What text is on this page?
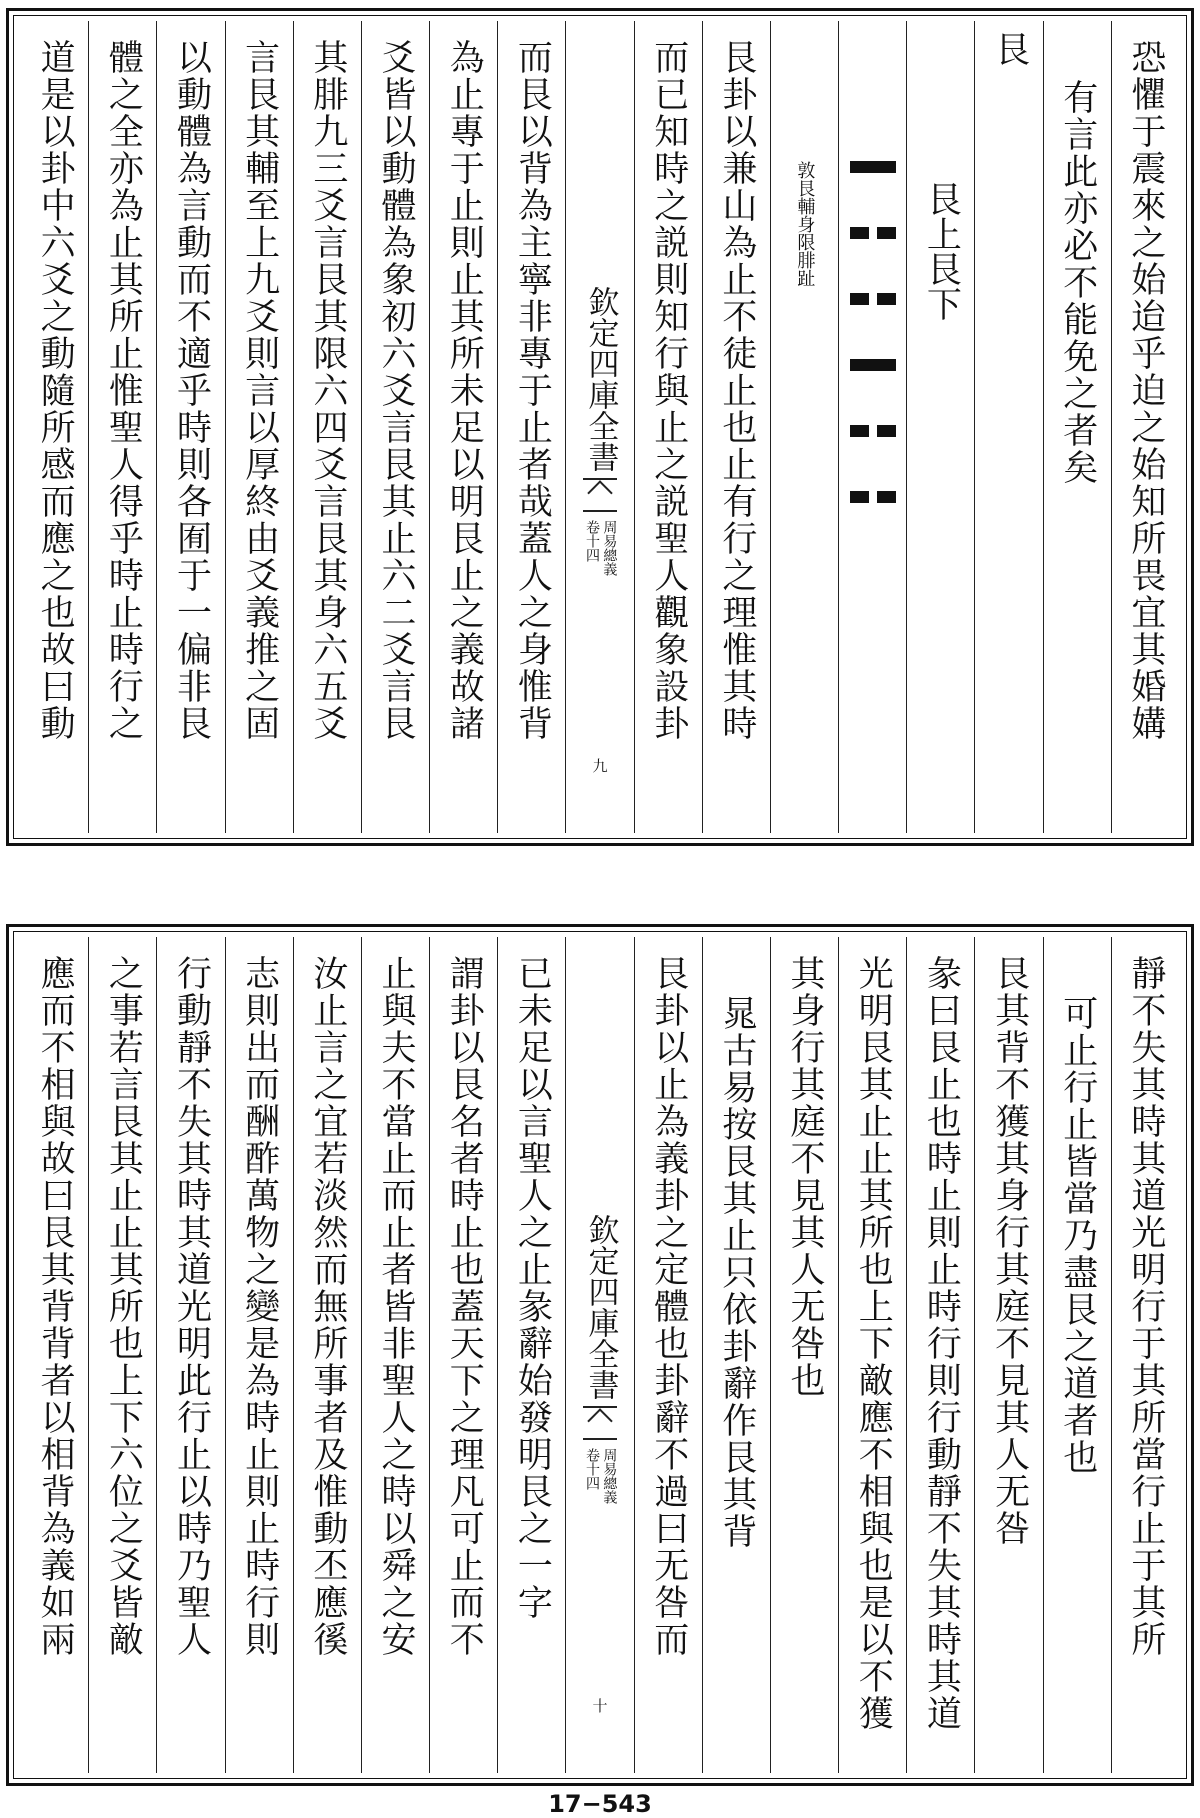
恐懼于震來之始迨乎迫之始知所畏宜其婚媾
有言此亦必不能免之者矣
艮
艮上艮下
敦艮輔身限腓趾
艮卦以兼山為止不徒止也止有行之理惟其時
而已知時之説則知行與止之説聖人觀象設卦
欽定四庫全書
周易總義
卷十四
九
而艮以背為主寧非專于止者哉蓋人之身惟背
為止專于止則止其所未足以明艮止之義故諸
爻皆以動體為象初六爻言艮其止六二爻言艮
其腓九三爻言艮其限六四爻言艮其身六五爻
言艮其輔至上九爻則言以厚終由爻義推之固
以動體為言動而不適乎時則各囿于一偏非艮
體之全亦為止其所止惟聖人得乎時止時行之
道是以卦中六爻之動隨所感而應之也故曰動
靜不失其時其道光明行于其所當行止于其所
可止行止皆當乃盡艮之道者也
艮其背不獲其身行其庭不見其人无咎
彖曰艮止也時止則止時行則行動靜不失其時其道
光明艮其止止其所也上下敵應不相與也是以不獲
其身行其庭不見其人无咎也
晁古易按艮其止只依卦辭作艮其背
艮卦以止為義卦之定體也卦辭不過曰无咎而
欽定四庫全書
周易總義
卷十四
十
已未足以言聖人之止彖辭始發明艮之一字
謂卦以艮名者時止也蓋天下之理凡可止而不
止與夫不當止而止者皆非聖人之時以舜之安
汝止言之宜若淡然而無所事者及惟動丕應徯
志則出而酬酢萬物之變是為時止則止時行則
行動靜不失其時其道光明此行止以時乃聖人
之事若言艮其止止其所也上下六位之爻皆敵
應而不相與故曰艮其背背者以相背為義如兩
17−543
